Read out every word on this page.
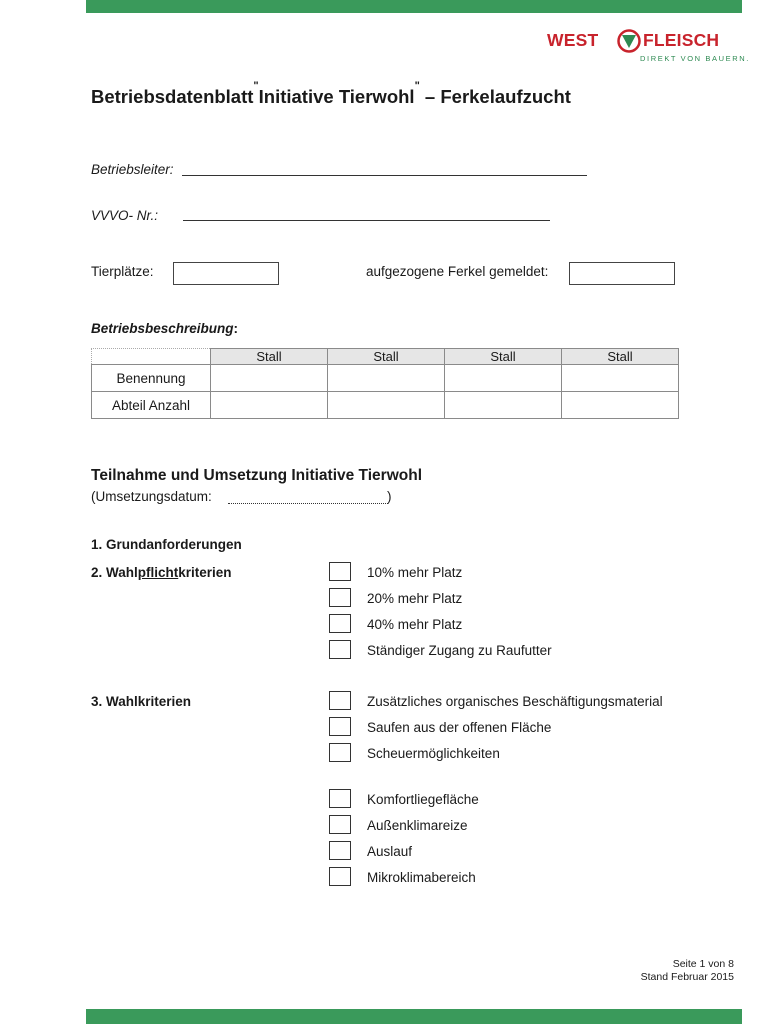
WEST	FLEISCH
DIREKT VON BAUERN.
Betriebsdatenblatt"Initiative Tierwohl" – Ferkelaufzucht
Betriebsleiter:
VVVO- Nr.:
Tierplätze:	aufgezogene Ferkel gemeldet:
Betriebsbeschreibung:
	Stall	Stall	Stall	Stall
Benennung				
Abteil Anzahl				
Teilnahme und Umsetzung Initiative Tierwohl
(Umsetzungsdatum:	)
1. Grundanforderungen
2. Wahlpflichtkriterien	10% mehr Platz
20% mehr Platz
40% mehr Platz
Ständiger Zugang zu Raufutter
3. Wahlkriterien	Zusätzliches organisches Beschäftigungsmaterial
Saufen aus der offenen Fläche
Scheuermöglichkeiten
Komfortliegefläche
Außenklimareize
Auslauf
Mikroklimabereich
Seite 1 von 8
Stand Februar 2015
